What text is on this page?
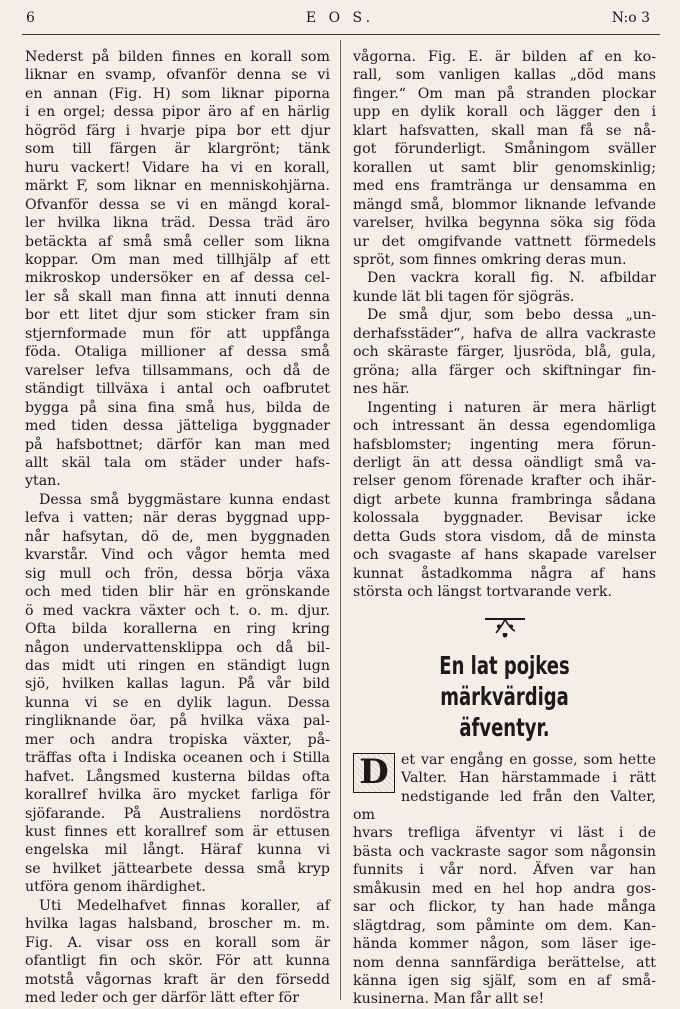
6	E O S.	N:o 3

Nederst på bilden finnes en korall som

liknar en svamp, ofvanför denna se vi

en annan (Fig. H) som liknar piporna

i en orgel; dessa pipor äro af en härlig

högröd färg i hvarje pipa bor ett djur

som till färgen är klargrönt; tänk

huru vackert! Vidare ha vi en korall,

märkt F, som liknar en menniskohjärna.

Ofvanför dessa se vi en mängd koral-

ler hvilka likna träd. Dessa träd äro

betäckta af små små celler som likna

koppar. Om man med tillhjälp af ett

mikroskop undersöker en af dessa cel-

ler så skall man finna att innuti denna

bor ett litet djur som sticker fram sin

stjernformade mun för att uppfånga

föda. Otaliga millioner af dessa små

varelser lefva tillsammans, och då de

ständigt tillväxa i antal och oafbrutet

bygga på sina fina små hus, bilda de

med tiden dessa jätteliga byggnader

på hafsbottnet; därför kan man med

allt skäl tala om städer under hafs-

ytan.

Dessa små byggmästare kunna endast

lefva i vatten; när deras byggnad upp-

når hafsytan, dö de, men byggnaden

kvarstår. Vind och vågor hemta med

sig mull och frön, dessa börja växa

och med tiden blir här en grönskande

ö med vackra växter och t. o. m. djur.

Ofta bilda korallerna en ring kring

någon undervattensklippa och då bil-

das midt uti ringen en ständigt lugn

sjö, hvilken kallas lagun. På vår bild

kunna vi se en dylik lagun. Dessa

ringliknande öar, på hvilka växa pal-

mer och andra tropiska växter, på-

träffas ofta i Indiska oceanen och i Stilla

hafvet. Långsmed kusterna bildas ofta

korallref hvilka äro mycket farliga för

sjöfarande. På Australiens nordöstra

kust finnes ett korallref som är ettusen

engelska mil långt. Häraf kunna vi

se hvilket jättearbete dessa små kryp

utföra genom ihärdighet.

Uti Medelhafvet finnas koraller, af

hvilka lagas halsband, broscher m. m.

Fig. A. visar oss en korall som är

ofantligt fin och skör. För att kunna

motstå vågornas kraft är den försedd

med leder och ger därför lätt efter för

vågorna. Fig. E. är bilden af en ko-

rall, som vanligen kallas „död mans

finger.“ Om man på stranden plockar

upp en dylik korall och lägger den i

klart hafsvatten, skall man få se nå-

got förunderligt. Småningom sväller

korallen ut samt blir genomskinlig;

med ens framtränga ur densamma en

mängd små, blommor liknande lefvande

varelser, hvilka begynna söka sig föda

ur det omgifvande vattnett förmedels

spröt, som finnes omkring deras mun.

Den vackra korall fig. N. afbildar

kunde lät bli tagen för sjögräs.

De små djur, som bebo dessa „un-

derhafsstäder“, hafva de allra vackraste

och skäraste färger, ljusröda, blå, gula,

gröna; alla färger och skiftningar fin-

nes här.

Ingenting i naturen är mera härligt

och intressant än dessa egendomliga

hafsblomster; ingenting mera förun-

derligt än att dessa oändligt små va-

relser genom förenade krafter och ihär-

digt arbete kunna frambringa sådana

kolossala byggnader. Bevisar icke

detta Guds stora visdom, då de minsta

och svagaste af hans skapade varelser

kunnat åstadkomma några af hans

största och längst tortvarande verk.

En lat pojkes märkvärdiga
äfventyr.
D et var engång en gosse, som hette

Valter. Han härstammade i rätt

nedstigande led från den Valter, om

hvars trefliga äfventyr vi läst i de

bästa och vackraste sagor som någonsin

funnits i vår nord. Äfven var han

småkusin med en hel hop andra gos-

sar och flickor, ty han hade många

slägtdrag, som påminte om dem. Kan-

hända kommer någon, som läser ige-

nom denna sannfärdiga berättelse, att

känna igen sig själf, som en af små-

kusinerna. Man får allt se!
